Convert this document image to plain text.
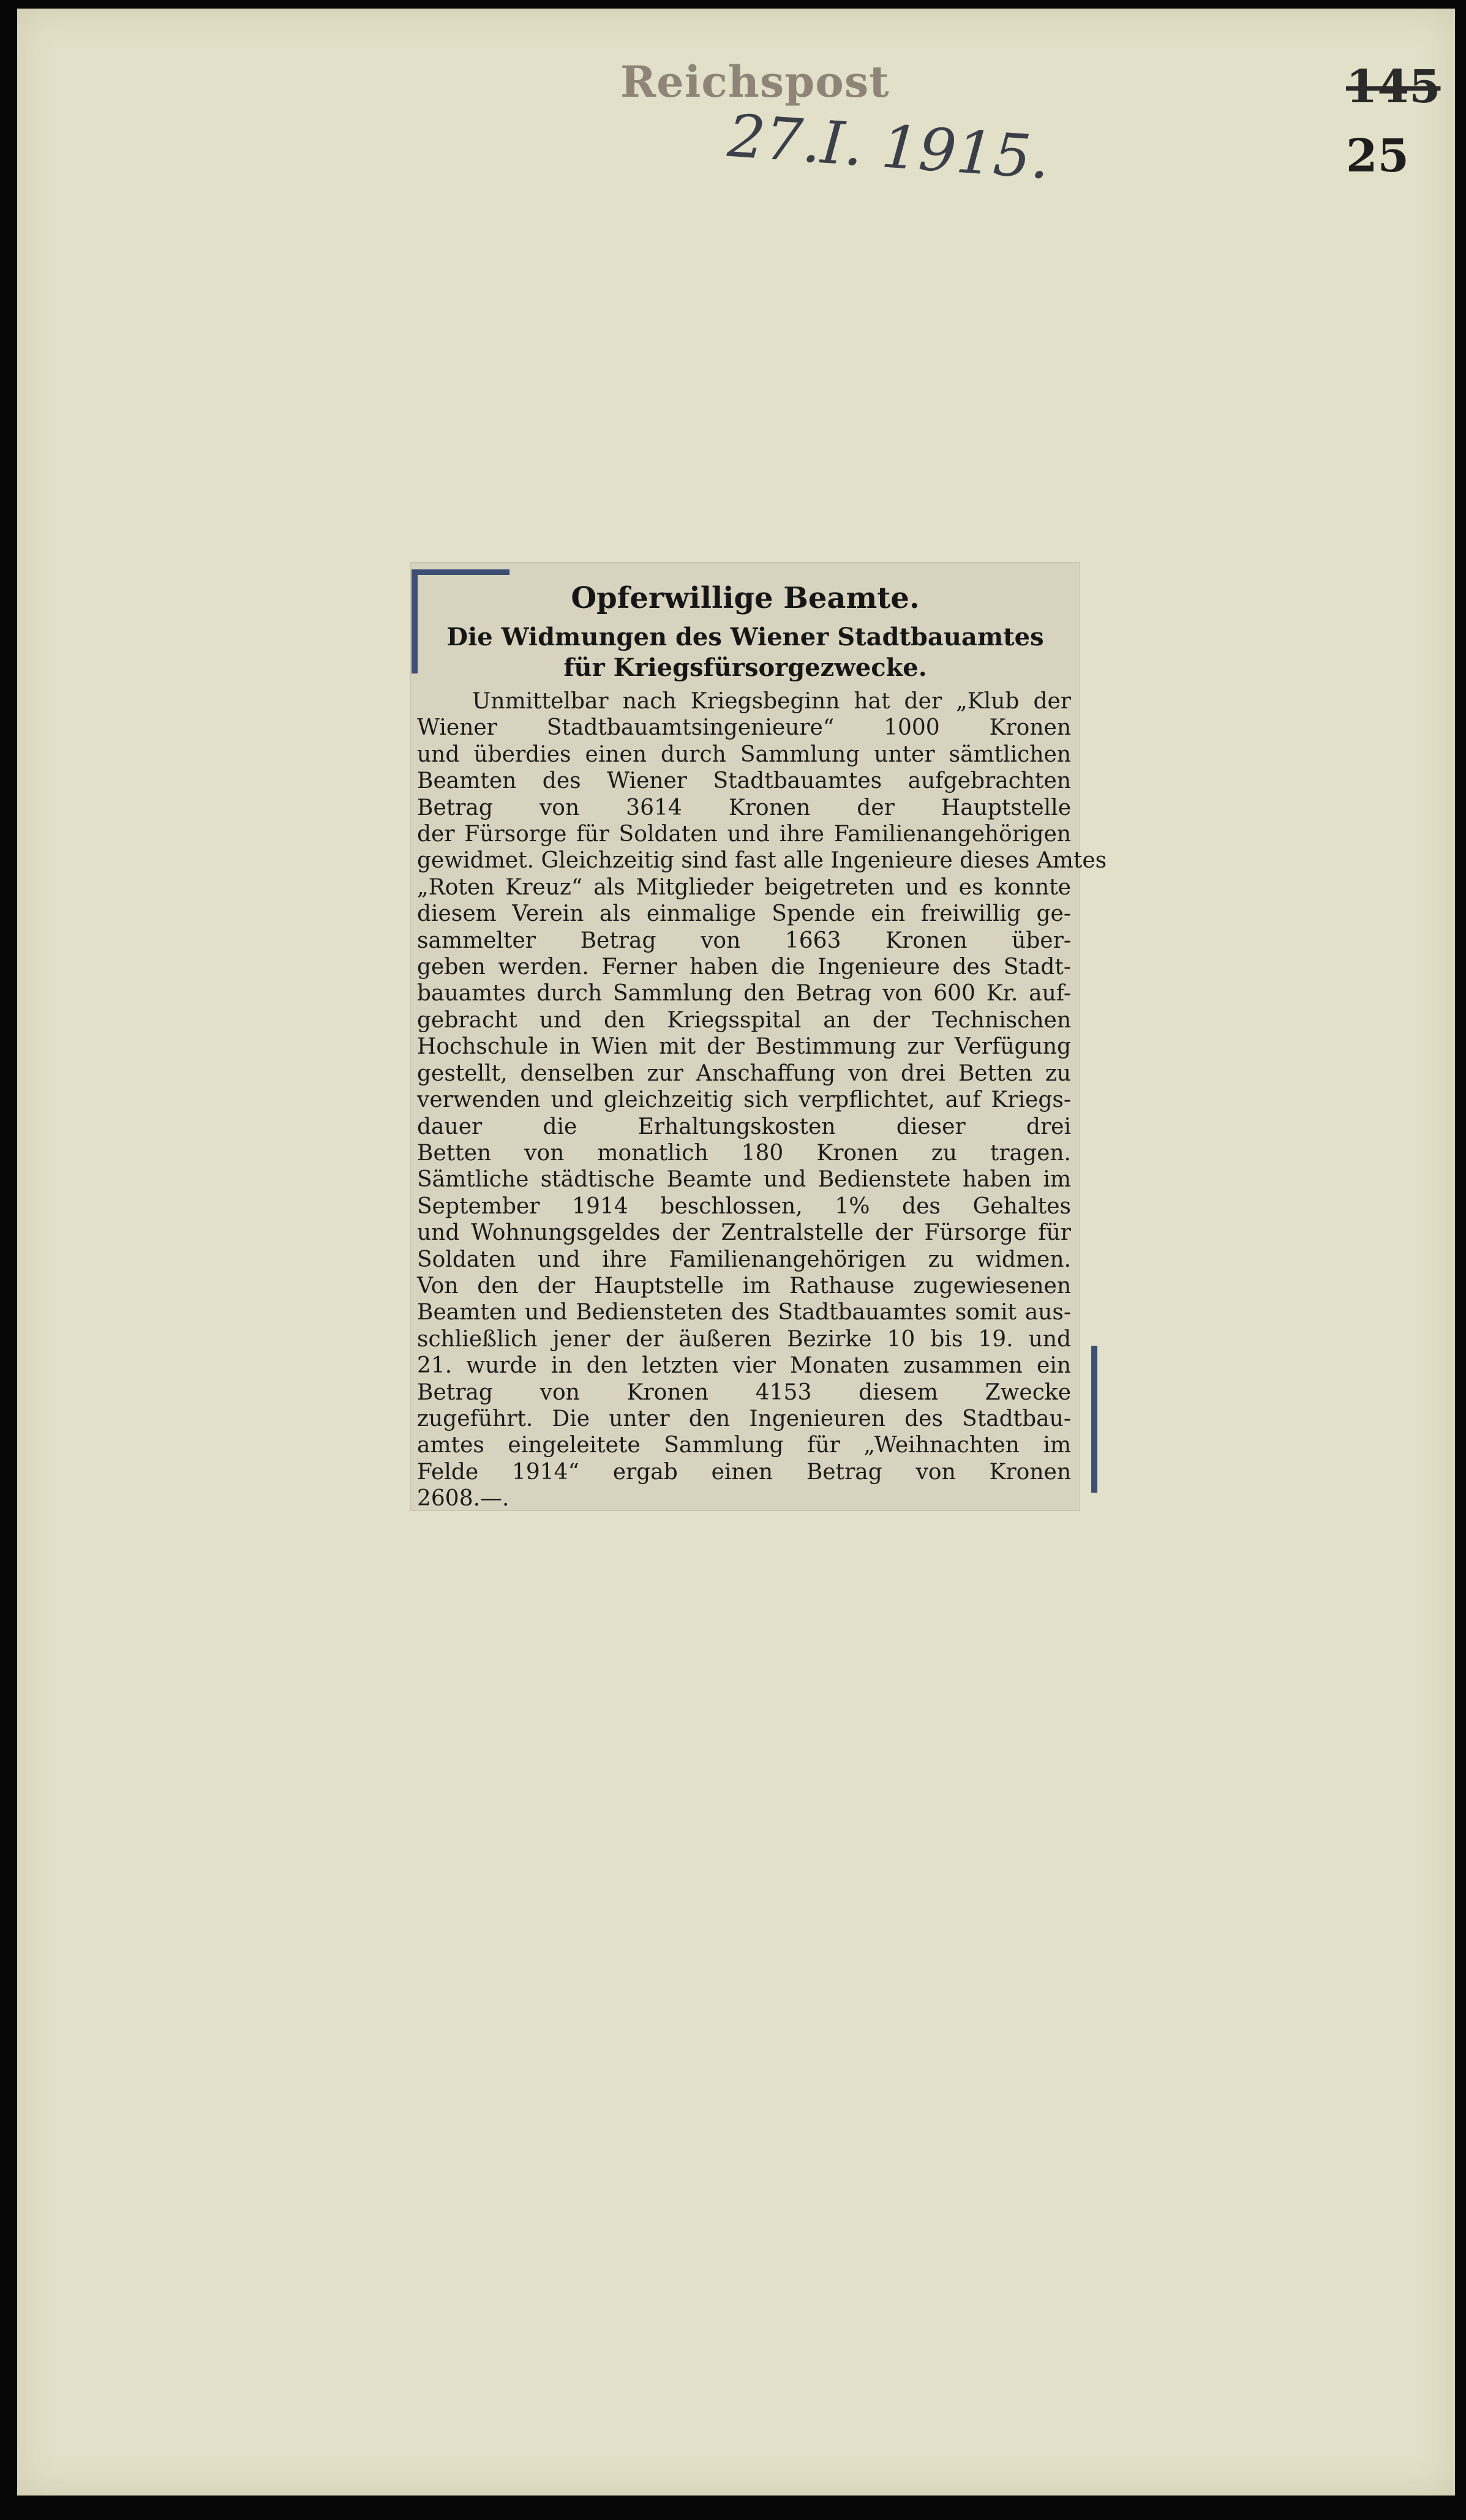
Reichspost
27.I. 1915.
145
25
Opferwillige Beamte.
Die Widmungen des Wiener Stadtbauamtes
für Kriegsfürsorgezwecke.
Unmittelbar nach Kriegsbeginn hat der „Klub der
Wiener Stadtbauamtsingenieure“ 1000 Kronen
und überdies einen durch Sammlung unter sämtlichen
Beamten des Wiener Stadtbauamtes aufgebrachten
Betrag von 3614 Kronen der Hauptstelle
der Fürsorge für Soldaten und ihre Familienangehörigen
gewidmet. Gleichzeitig sind fast alle Ingenieure dieses Amtes
„Roten Kreuz“ als Mitglieder beigetreten und es konnte
diesem Verein als einmalige Spende ein freiwillig ge-
sammelter Betrag von 1663 Kronen über-
geben werden. Ferner haben die Ingenieure des Stadt-
bauamtes durch Sammlung den Betrag von 600 Kr. auf-
gebracht und den Kriegsspital an der Technischen
Hochschule in Wien mit der Bestimmung zur Verfügung
gestellt, denselben zur Anschaffung von drei Betten zu
verwenden und gleichzeitig sich verpflichtet, auf Kriegs-
dauer die Erhaltungskosten dieser drei
Betten von monatlich 180 Kronen zu tragen.
Sämtliche städtische Beamte und Bedienstete haben im
September 1914 beschlossen, 1% des Gehaltes
und Wohnungsgeldes der Zentralstelle der Fürsorge für
Soldaten und ihre Familienangehörigen zu widmen.
Von den der Hauptstelle im Rathause zugewiesenen
Beamten und Bediensteten des Stadtbauamtes somit aus-
schließlich jener der äußeren Bezirke 10 bis 19. und
21. wurde in den letzten vier Monaten zusammen ein
Betrag von Kronen 4153 diesem Zwecke
zugeführt. Die unter den Ingenieuren des Stadtbau-
amtes eingeleitete Sammlung für „Weihnachten im
Felde 1914“ ergab einen Betrag von Kronen
2608.—.
